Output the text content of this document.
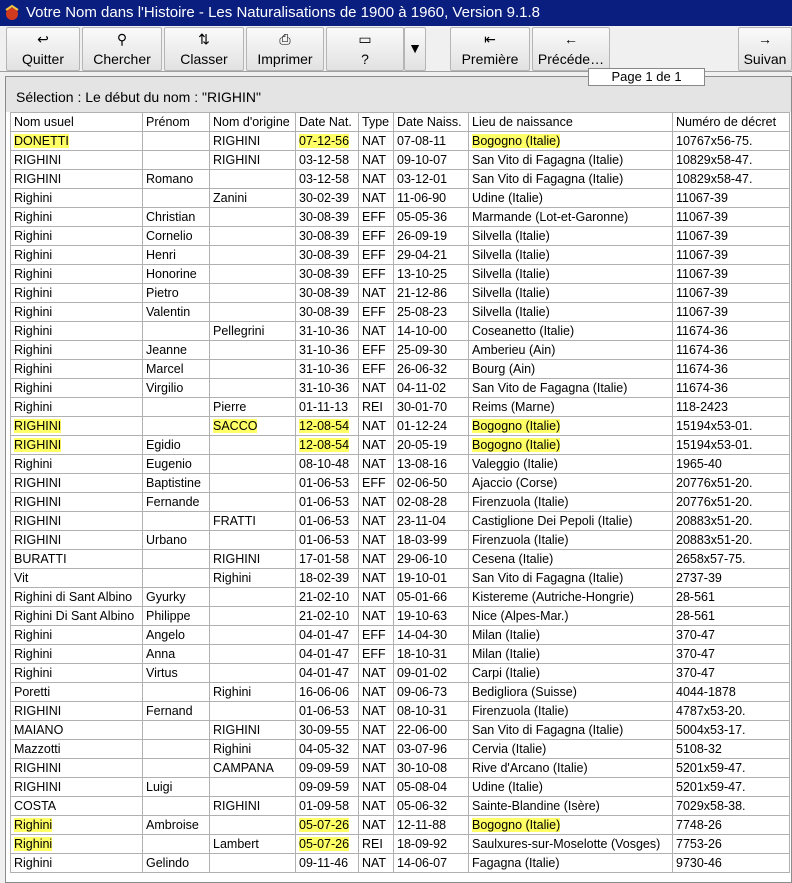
Votre Nom dans l'Histoire - Les Naturalisations de 1900 à 1960, Version 9.1.8
↩
Quitter
⚲
Chercher
⇅
Classer
⎙
Imprimer
▭
?
▼
⇤
Première
←
Précéde…
→
Suivan
Page 1 de 1
Sélection : Le début du nom : "RIGHIN"
Nom usuel	Prénom	Nom d'origine	Date Nat.	Type	Date Naiss.	Lieu de naissance	Numéro de décret
DONETTI		RIGHINI	07-12-56	NAT	07-08-11	Bogogno (Italie)	10767x56-75.
RIGHINI		RIGHINI	03-12-58	NAT	09-10-07	San Vito di Fagagna (Italie)	10829x58-47.
RIGHINI	Romano		03-12-58	NAT	03-12-01	San Vito di Fagagna (Italie)	10829x58-47.
Righini		Zanini	30-02-39	NAT	11-06-90	Udine (Italie)	11067-39
Righini	Christian		30-08-39	EFF	05-05-36	Marmande (Lot-et-Garonne)	11067-39
Righini	Cornelio		30-08-39	EFF	26-09-19	Silvella (Italie)	11067-39
Righini	Henri		30-08-39	EFF	29-04-21	Silvella (Italie)	11067-39
Righini	Honorine		30-08-39	EFF	13-10-25	Silvella (Italie)	11067-39
Righini	Pietro		30-08-39	NAT	21-12-86	Silvella (Italie)	11067-39
Righini	Valentin		30-08-39	EFF	25-08-23	Silvella (Italie)	11067-39
Righini		Pellegrini	31-10-36	NAT	14-10-00	Coseanetto (Italie)	11674-36
Righini	Jeanne		31-10-36	EFF	25-09-30	Amberieu (Ain)	11674-36
Righini	Marcel		31-10-36	EFF	26-06-32	Bourg (Ain)	11674-36
Righini	Virgilio		31-10-36	NAT	04-11-02	San Vito de Fagagna (Italie)	11674-36
Righini		Pierre	01-11-13	REI	30-01-70	Reims (Marne)	118-2423
RIGHINI		SACCO	12-08-54	NAT	01-12-24	Bogogno (Italie)	15194x53-01.
RIGHINI	Egidio		12-08-54	NAT	20-05-19	Bogogno (Italie)	15194x53-01.
Righini	Eugenio		08-10-48	NAT	13-08-16	Valeggio (Italie)	1965-40
RIGHINI	Baptistine		01-06-53	EFF	02-06-50	Ajaccio (Corse)	20776x51-20.
RIGHINI	Fernande		01-06-53	NAT	02-08-28	Firenzuola (Italie)	20776x51-20.
RIGHINI		FRATTI	01-06-53	NAT	23-11-04	Castiglione Dei Pepoli (Italie)	20883x51-20.
RIGHINI	Urbano		01-06-53	NAT	18-03-99	Firenzuola (Italie)	20883x51-20.
BURATTI		RIGHINI	17-01-58	NAT	29-06-10	Cesena (Italie)	2658x57-75.
Vit		Righini	18-02-39	NAT	19-10-01	San Vito di Fagagna (Italie)	2737-39
Righini di Sant Albino	Gyurky		21-02-10	NAT	05-01-66	Kistereme (Autriche-Hongrie)	28-561
Righini Di Sant Albino	Philippe		21-02-10	NAT	19-10-63	Nice (Alpes-Mar.)	28-561
Righini	Angelo		04-01-47	EFF	14-04-30	Milan (Italie)	370-47
Righini	Anna		04-01-47	EFF	18-10-31	Milan (Italie)	370-47
Righini	Virtus		04-01-47	NAT	09-01-02	Carpi (Italie)	370-47
Poretti		Righini	16-06-06	NAT	09-06-73	Bedigliora (Suisse)	4044-1878
RIGHINI	Fernand		01-06-53	NAT	08-10-31	Firenzuola (Italie)	4787x53-20.
MAIANO		RIGHINI	30-09-55	NAT	22-06-00	San Vito di Fagagna (Italie)	5004x53-17.
Mazzotti		Righini	04-05-32	NAT	03-07-96	Cervia (Italie)	5108-32
RIGHINI		CAMPANA	09-09-59	NAT	30-10-08	Rive d'Arcano (Italie)	5201x59-47.
RIGHINI	Luigi		09-09-59	NAT	05-08-04	Udine (Italie)	5201x59-47.
COSTA		RIGHINI	01-09-58	NAT	05-06-32	Sainte-Blandine (Isère)	7029x58-38.
Righini	Ambroise		05-07-26	NAT	12-11-88	Bogogno (Italie)	7748-26
Righini		Lambert	05-07-26	REI	18-09-92	Saulxures-sur-Moselotte (Vosges)	7753-26
Righini	Gelindo		09-11-46	NAT	14-06-07	Fagagna (Italie)	9730-46
